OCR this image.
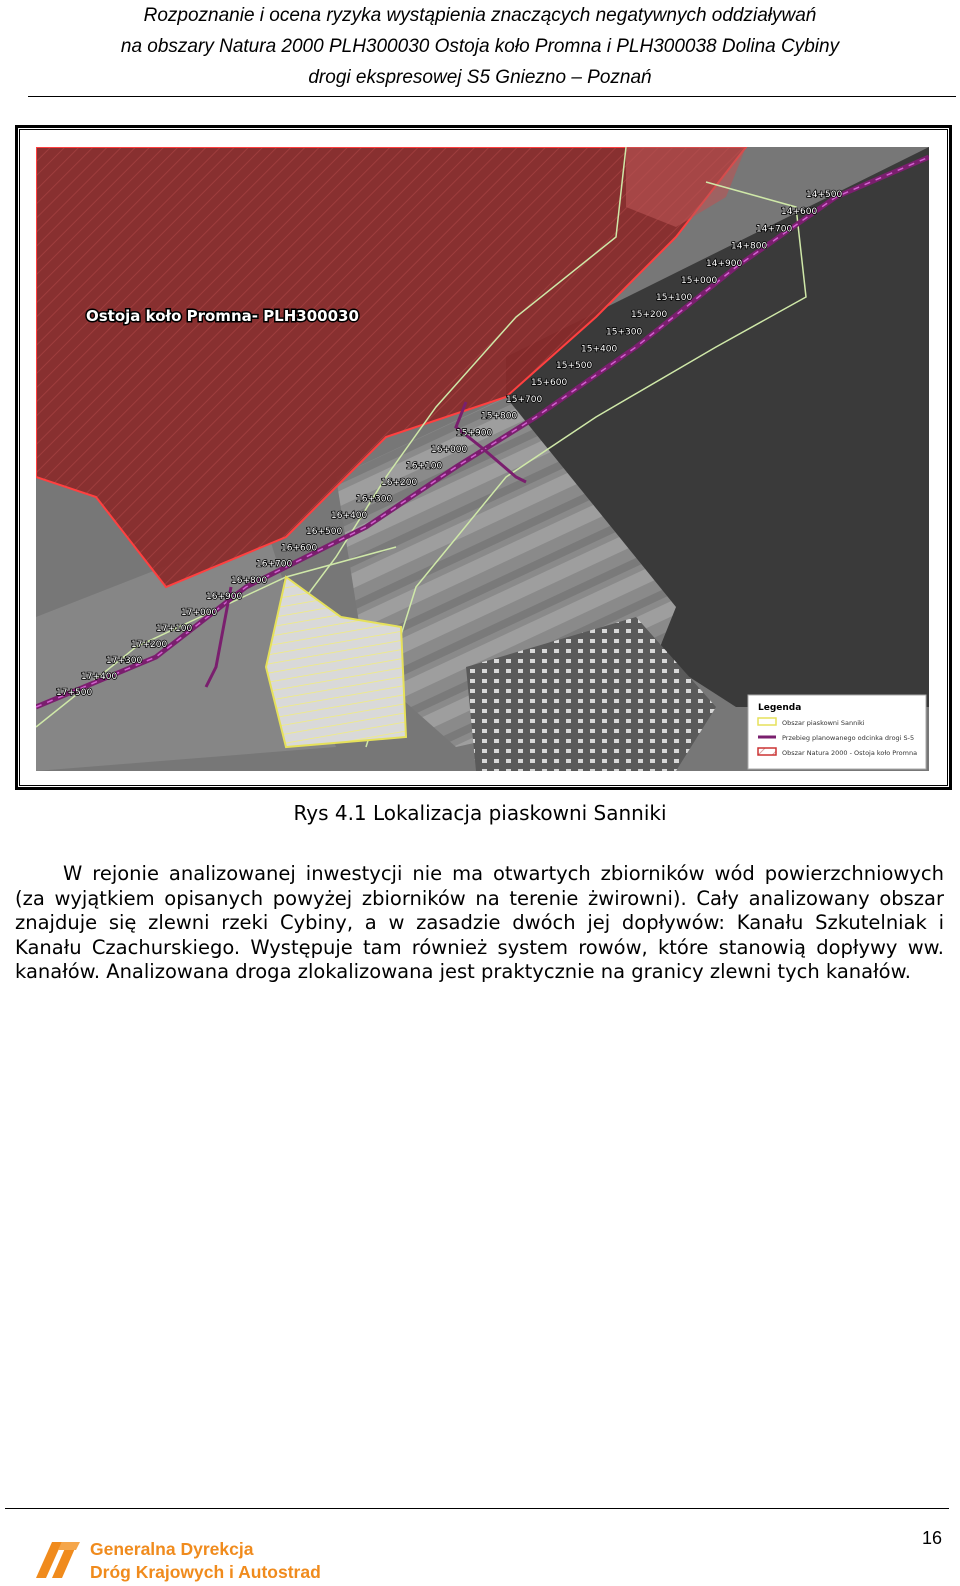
Rozpoznanie i ocena ryzyka wystąpienia znaczących negatywnych oddziaływań
na obszary Natura 2000 PLH300030 Ostoja koło Promna i PLH300038 Dolina Cybiny
drogi ekspresowej S5 Gniezno – Poznań
Ostoja koło Promna- PLH300030
14+500
14+600
14+700
14+800
14+900
15+000
15+100
15+200
15+300
15+400
15+500
15+600
15+700
15+800
15+900
16+000
16+100
16+200
16+300
16+400
16+500
16+600
16+700
16+800
16+900
17+000
17+100
17+200
17+300
17+400
17+500
Legenda
Obszar piaskowni Sanniki
Przebieg planowanego odcinka drogi S-5
Obszar Natura 2000 - Ostoja koło Promna
Rys 4.1 Lokalizacja piaskowni Sanniki

W rejonie analizowanej inwestycji nie ma otwartych zbiorników wód powierzchniowych (za wyjątkiem opisanych powyżej zbiorników na terenie żwirowni). Cały analizowany obszar znajduje się zlewni rzeki Cybiny, a w zasadzie dwóch jej dopływów: Kanału Szkutelniak i Kanału Czachurskiego. Występuje tam również system rowów, które stanowią dopływy ww. kanałów. Analizowana droga zlokalizowana jest praktycznie na granicy zlewni tych kanałów.

Generalna Dyrekcja
Dróg Krajowych i Autostrad
16
